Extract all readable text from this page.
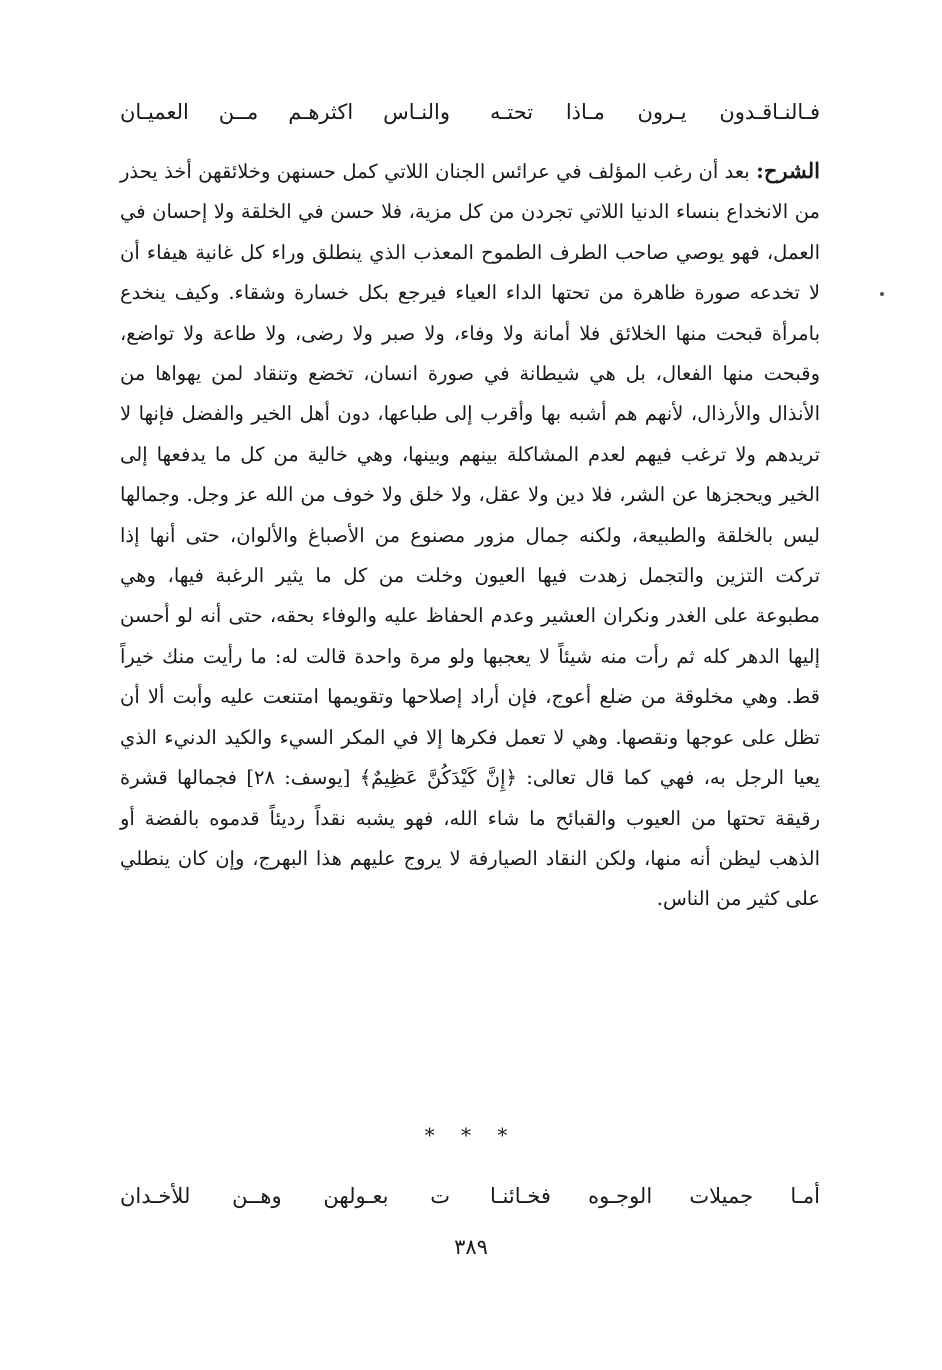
فـالنـاقـدون يـرون مـاذا تحتـه
والنـاس اكثرهـم مــن العميـان

الشرح: بعد أن رغب المؤلف في عرائس الجنان اللاتي كمل حسنهن وخلائقهن أخذ يحذر من الانخداع بنساء الدنيا اللاتي تجردن من كل مزية، فلا حسن في الخلقة ولا إحسان في العمل، فهو يوصي صاحب الطرف الطموح المعذب الذي ينطلق وراء كل غانية هيفاء أن لا تخدعه صورة ظاهرة من تحتها الداء العياء فيرجع بكل خسارة وشقاء. وكيف ينخدع بامرأة قبحت منها الخلائق فلا أمانة ولا وفاء، ولا صبر ولا رضى، ولا طاعة ولا تواضع، وقبحت منها الفعال، بل هي شيطانة في صورة انسان، تخضع وتنقاد لمن يهواها من الأنذال والأرذال، لأنهم هم أشبه بها وأقرب إلى طباعها، دون أهل الخير والفضل فإنها لا تريدهم ولا ترغب فيهم لعدم المشاكلة بينهم وبينها، وهي خالية من كل ما يدفعها إلى الخير ويحجزها عن الشر، فلا دين ولا عقل، ولا خلق ولا خوف من الله عز وجل. وجمالها ليس بالخلقة والطبيعة، ولكنه جمال مزور مصنوع من الأصباغ والألوان، حتى أنها إذا تركت التزين والتجمل زهدت فيها العيون وخلت من كل ما يثير الرغبة فيها، وهي مطبوعة على الغدر ونكران العشير وعدم الحفاظ عليه والوفاء بحقه، حتى أنه لو أحسن إليها الدهر كله ثم رأت منه شيئاً لا يعجبها ولو مرة واحدة قالت له: ما رأيت منك خيراً قط. وهي مخلوقة من ضلع أعوج، فإن أراد إصلاحها وتقويمها امتنعت عليه وأبت ألا أن تظل على عوجها ونقصها. وهي لا تعمل فكرها إلا في المكر السيء والكيد الدنيء الذي يعيا الرجل به، فهي كما قال تعالى: ﴿إِنَّ كَيْدَكُنَّ عَظِيمٌ﴾ [يوسف: ٢٨] فجمالها قشرة رقيقة تحتها من العيوب والقبائح ما شاء الله، فهو يشبه نقداً رديئاً قدموه بالفضة أو الذهب ليظن أنه منها، ولكن النقاد الصيارفة لا يروج عليهم هذا البهرج، وإن كان ينطلي على كثير من الناس.

* * *
أمـا جميلات الوجـوه فخـائنـا
ت بعـولهن وهــن للأخـدان
٣٨٩
